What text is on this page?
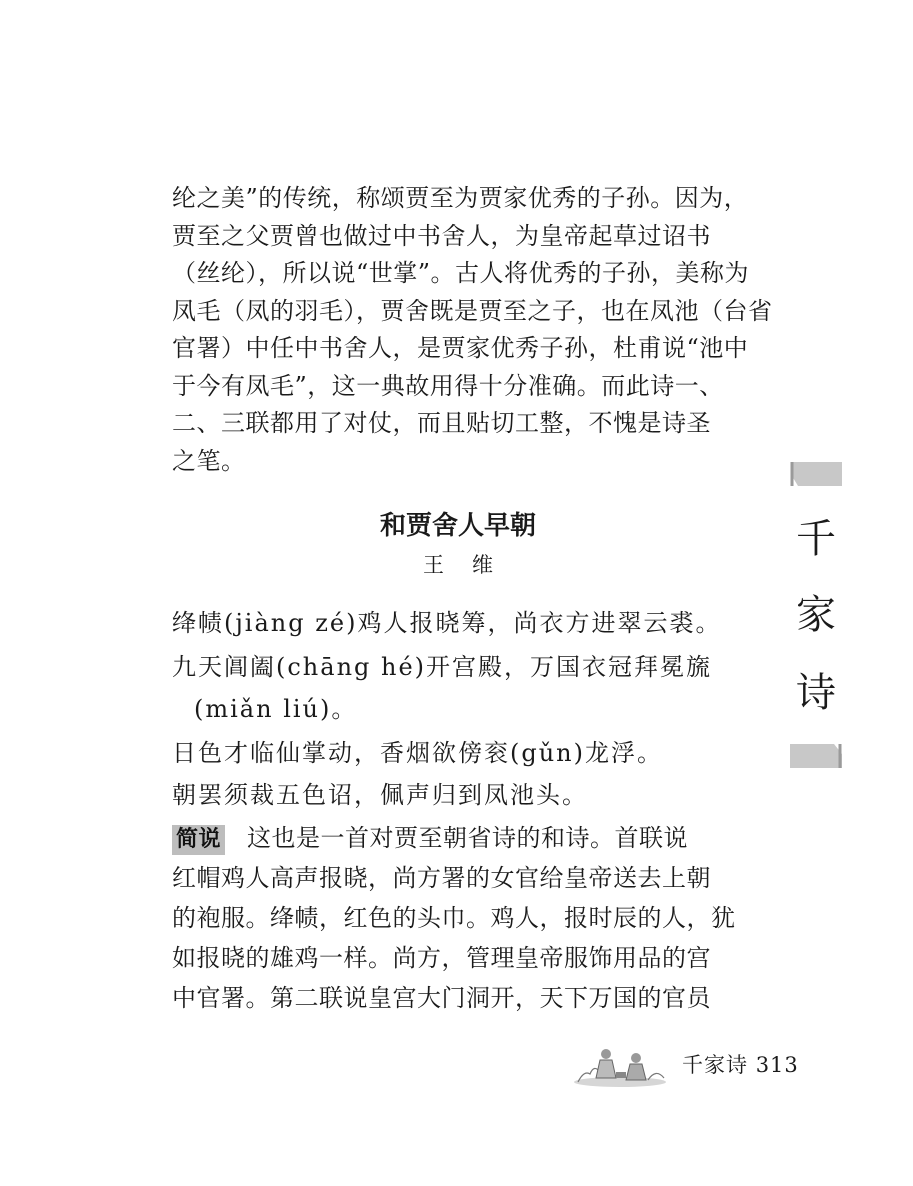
纶之美”的传统，称颂贾至为贾家优秀的子孙。因为，
贾至之父贾曾也做过中书舍人，为皇帝起草过诏书
（丝纶），所以说“世掌”。古人将优秀的子孙，美称为
凤毛（凤的羽毛），贾舍既是贾至之子，也在凤池（台省
官署）中任中书舍人，是贾家优秀子孙，杜甫说“池中
于今有凤毛”，这一典故用得十分准确。而此诗一、
二、三联都用了对仗，而且贴切工整，不愧是诗圣
之笔。
和贾舍人早朝
王维
绛帻(jiàng zé)鸡人报晓筹，尚衣方进翠云裘。
九天阊阖(chāng hé)开宫殿，万国衣冠拜冕旒
(miǎn liú)。
日色才临仙掌动，香烟欲傍衮(gǔn)龙浮。
朝罢须裁五色诏，佩声归到凤池头。
简说 这也是一首对贾至朝省诗的和诗。首联说
红帽鸡人高声报晓，尚方署的女官给皇帝送去上朝
的袍服。绛帻，红色的头巾。鸡人，报时辰的人，犹
如报晓的雄鸡一样。尚方，管理皇帝服饰用品的宫
中官署。第二联说皇宫大门洞开，天下万国的官员
千
家
诗
千家诗 313
